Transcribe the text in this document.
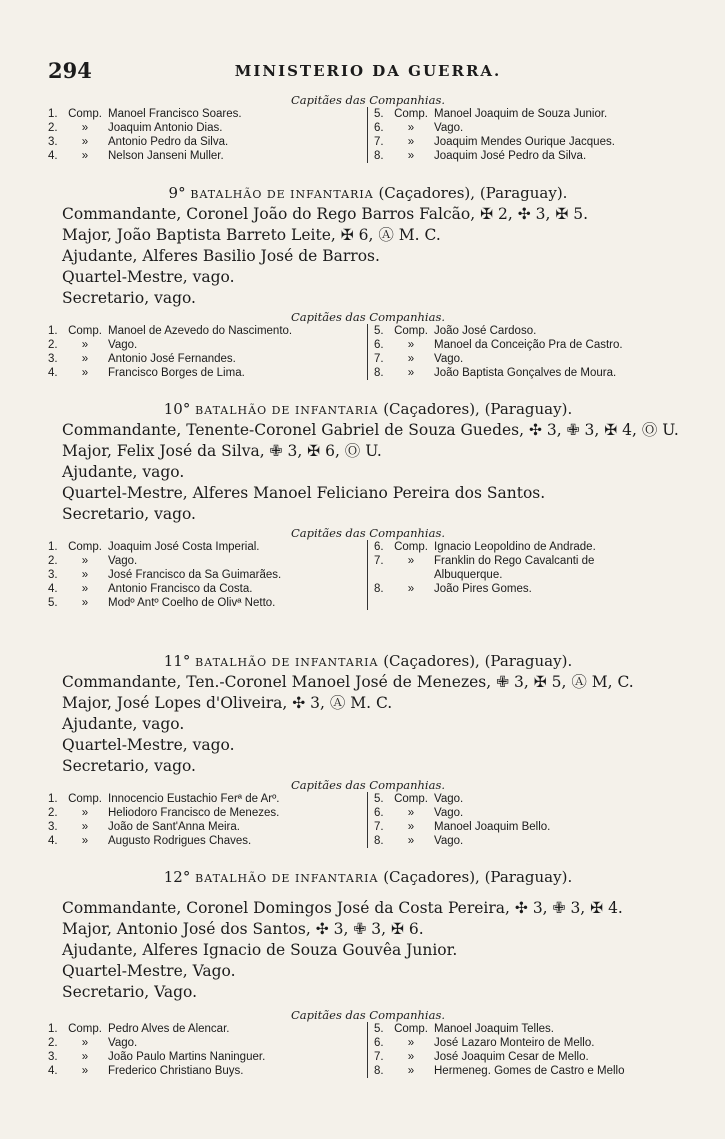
294	MINISTERIO DA GUERRA.
Capitães das Companhias.
1. Comp. Manoel Francisco Soares.
2.	»	Joaquim Antonio Dias.
3.	»	Antonio Pedro da Silva.
4.	»	Nelson Janseni Muller.
5. Comp. Manoel Joaquim de Souza Junior.
6.	»	Vago.
7.	»	Joaquim Mendes Ourique Jacques.
8.	»	Joaquim José Pedro da Silva.
9° BATALHÃO DE INFANTARIA (Caçadores), (Paraguay).
Commandante, Coronel João do Rego Barros Falcão, ✠ 2, ✣ 3, ✠ 5.
Major, João Baptista Barreto Leite, ✠ 6, Ⓐ M. C.
Ajudante, Alferes Basilio José de Barros.
Quartel-Mestre, vago.
Secretario, vago.
Capitães das Companhias.
1. Comp. Manoel de Azevedo do Nascimento.
2.	»	Vago.
3.	»	Antonio José Fernandes.
4.	»	Francisco Borges de Lima.
5. Comp. João José Cardoso.
6.	»	Manoel da Conceição Pra de Castro.
7.	»	Vago.
8.	»	João Baptista Gonçalves de Moura.
10° BATALHÃO DE INFANTARIA (Caçadores), (Paraguay).
Commandante, Tenente-Coronel Gabriel de Souza Guedes, ✣ 3, ✙ 3, ✠ 4, Ⓞ U.
Major, Felix José da Silva, ✙ 3, ✠ 6, Ⓞ U.
Ajudante, vago.
Quartel-Mestre, Alferes Manoel Feliciano Pereira dos Santos.
Secretario, vago.
Capitães das Companhias.
1. Comp. Joaquim José Costa Imperial.
2.	»	Vago.
3.	»	José Francisco da Sa Guimarães.
4.	»	Antonio Francisco da Costa.
5.	»	Modº Antº Coelho de Olivª Netto.
6. Comp. Ignacio Leopoldino de Andrade.
7.	»	Franklin do Rego Cavalcanti de
Albuquerque.
8.	»	João Pires Gomes.
11° BATALHÃO DE INFANTARIA (Caçadores), (Paraguay).
Commandante, Ten.-Coronel Manoel José de Menezes, ✙ 3, ✠ 5, Ⓐ M, C.
Major, José Lopes d'Oliveira, ✣ 3, Ⓐ M. C.
Ajudante, vago.
Quartel-Mestre, vago.
Secretario, vago.
Capitães das Companhias.
1. Comp. Innocencio Eustachio Ferª de Arº.
2.	»	Heliodoro Francisco de Menezes.
3.	»	João de Sant'Anna Meira.
4.	»	Augusto Rodrigues Chaves.
5. Comp. Vago.
6.	»	Vago.
7.	»	Manoel Joaquim Bello.
8.	»	Vago.
12° BATALHÃO DE INFANTARIA (Caçadores), (Paraguay).
Commandante, Coronel Domingos José da Costa Pereira, ✣ 3, ✙ 3, ✠ 4.
Major, Antonio José dos Santos, ✣ 3, ✙ 3, ✠ 6.
Ajudante, Alferes Ignacio de Souza Gouvêa Junior.
Quartel-Mestre, Vago.
Secretario, Vago.
Capitães das Companhias.
1. Comp. Pedro Alves de Alencar.
2.	»	Vago.
3.	»	João Paulo Martins Naninguer.
4.	»	Frederico Christiano Buys.
5. Comp. Manoel Joaquim Telles.
6.	»	José Lazaro Monteiro de Mello.
7.	»	José Joaquim Cesar de Mello.
8.	»	Hermeneg. Gomes de Castro e Mello
